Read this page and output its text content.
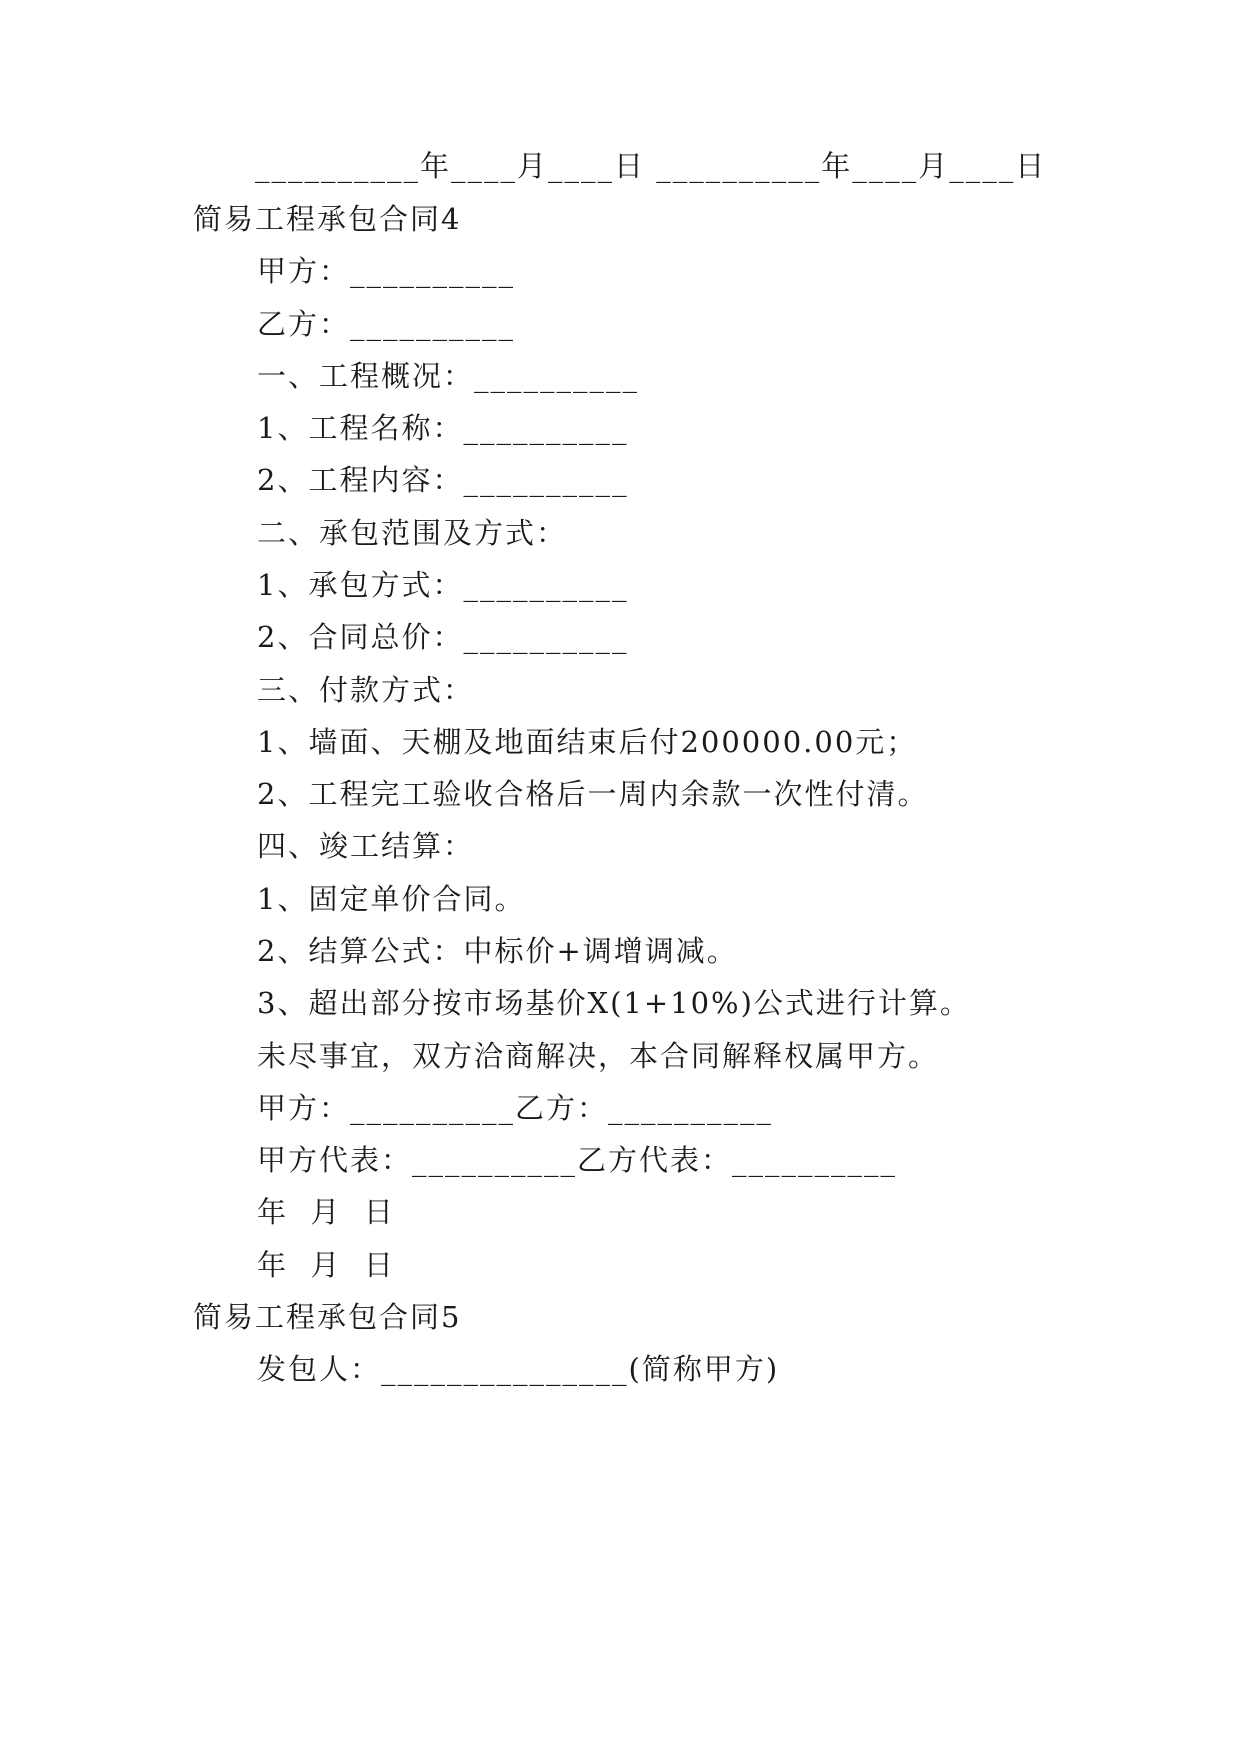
__________年____月____日 __________年____月____日
简易工程承包合同4
甲方：__________
乙方：__________
一、工程概况：__________
1、工程名称：__________
2、工程内容：__________
二、承包范围及方式：
1、承包方式：__________
2、合同总价：__________
三、付款方式：
1、墙面、天棚及地面结束后付200000.00元；
2、工程完工验收合格后一周内余款一次性付清。
四、竣工结算：
1、固定单价合同。
2、结算公式：中标价+调增调减。
3、超出部分按市场基价X(1+10%)公式进行计算。
未尽事宜，双方洽商解决，本合同解释权属甲方。
甲方：__________乙方：__________
甲方代表：__________乙方代表：__________
年  月  日
年  月  日
简易工程承包合同5
发包人：_______________(简称甲方)
